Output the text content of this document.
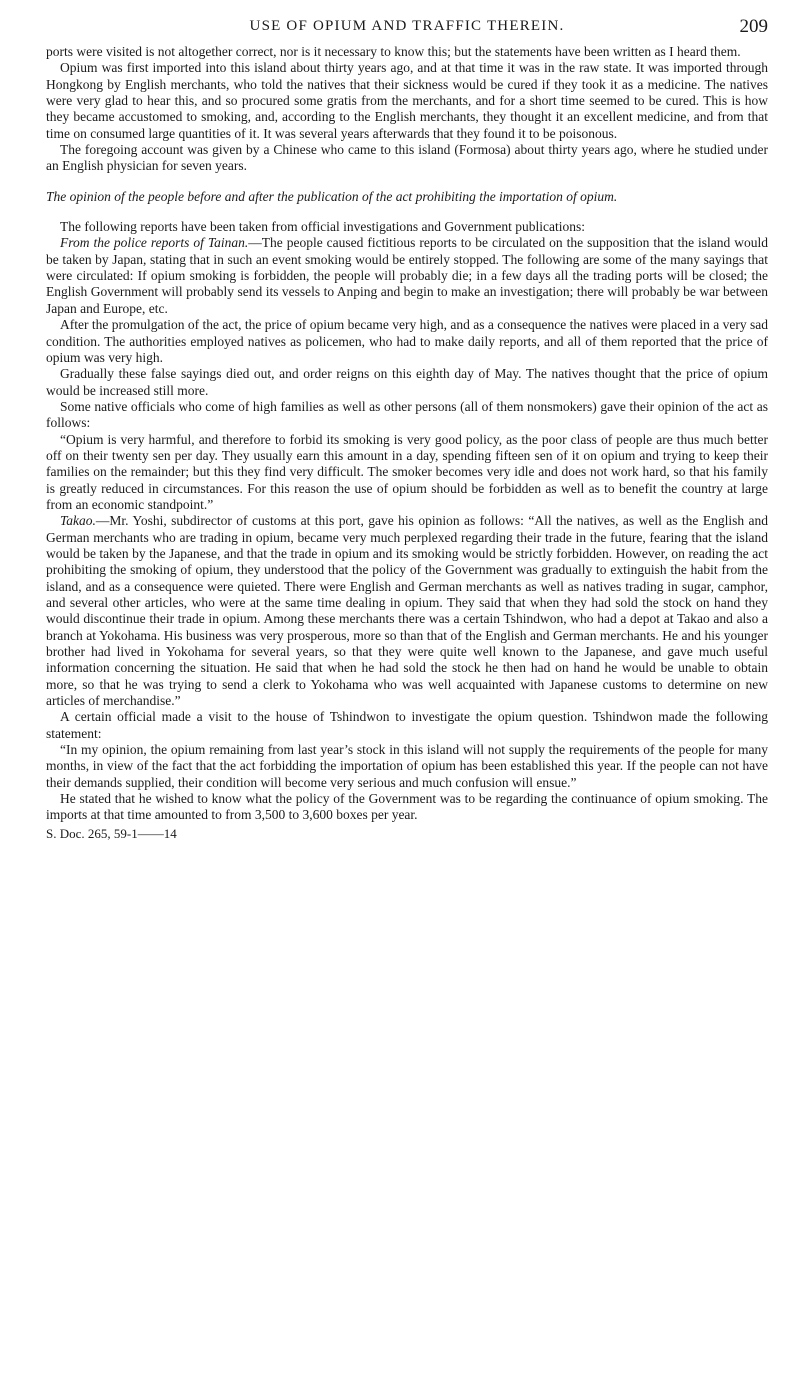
USE OF OPIUM AND TRAFFIC THEREIN.	209

ports were visited is not altogether correct, nor is it necessary to know this; but the statements have been written as I heard them.

Opium was first imported into this island about thirty years ago, and at that time it was in the raw state. It was imported through Hongkong by English merchants, who told the natives that their sickness would be cured if they took it as a medicine. The natives were very glad to hear this, and so procured some gratis from the merchants, and for a short time seemed to be cured. This is how they became accustomed to smoking, and, according to the English merchants, they thought it an excellent medicine, and from that time on consumed large quantities of it. It was several years afterwards that they found it to be poisonous.

The foregoing account was given by a Chinese who came to this island (Formosa) about thirty years ago, where he studied under an English physician for seven years.

The opinion of the people before and after the publication of the act prohibiting the importation of opium.

The following reports have been taken from official investigations and Government publications:

From the police reports of Tainan.—The people caused fictitious reports to be circulated on the supposition that the island would be taken by Japan, stating that in such an event smoking would be entirely stopped. The following are some of the many sayings that were circulated: If opium smoking is forbidden, the people will probably die; in a few days all the trading ports will be closed; the English Government will probably send its vessels to Anping and begin to make an investigation; there will probably be war between Japan and Europe, etc.

After the promulgation of the act, the price of opium became very high, and as a consequence the natives were placed in a very sad condition. The authorities employed natives as policemen, who had to make daily reports, and all of them reported that the price of opium was very high.

Gradually these false sayings died out, and order reigns on this eighth day of May. The natives thought that the price of opium would be increased still more.

Some native officials who come of high families as well as other persons (all of them nonsmokers) gave their opinion of the act as follows:

“Opium is very harmful, and therefore to forbid its smoking is very good policy, as the poor class of people are thus much better off on their twenty sen per day. They usually earn this amount in a day, spending fifteen sen of it on opium and trying to keep their families on the remainder; but this they find very difficult. The smoker becomes very idle and does not work hard, so that his family is greatly reduced in circumstances. For this reason the use of opium should be forbidden as well as to benefit the country at large from an economic standpoint.”

Takao.—Mr. Yoshi, subdirector of customs at this port, gave his opinion as follows: “All the natives, as well as the English and German merchants who are trading in opium, became very much perplexed regarding their trade in the future, fearing that the island would be taken by the Japanese, and that the trade in opium and its smoking would be strictly forbidden. However, on reading the act prohibiting the smoking of opium, they understood that the policy of the Government was gradually to extinguish the habit from the island, and as a consequence were quieted. There were English and German merchants as well as natives trading in sugar, camphor, and several other articles, who were at the same time dealing in opium. They said that when they had sold the stock on hand they would discontinue their trade in opium. Among these merchants there was a certain Tshindwon, who had a depot at Takao and also a branch at Yokohama. His business was very prosperous, more so than that of the English and German merchants. He and his younger brother had lived in Yokohama for several years, so that they were quite well known to the Japanese, and gave much useful information concerning the situation. He said that when he had sold the stock he then had on hand he would be unable to obtain more, so that he was trying to send a clerk to Yokohama who was well acquainted with Japanese customs to determine on new articles of merchandise.”

A certain official made a visit to the house of Tshindwon to investigate the opium question. Tshindwon made the following statement:

“In my opinion, the opium remaining from last year’s stock in this island will not supply the requirements of the people for many months, in view of the fact that the act forbidding the importation of opium has been established this year. If the people can not have their demands supplied, their condition will become very serious and much confusion will ensue.”

He stated that he wished to know what the policy of the Government was to be regarding the continuance of opium smoking. The imports at that time amounted to from 3,500 to 3,600 boxes per year.

S. Doc. 265, 59-1——14
